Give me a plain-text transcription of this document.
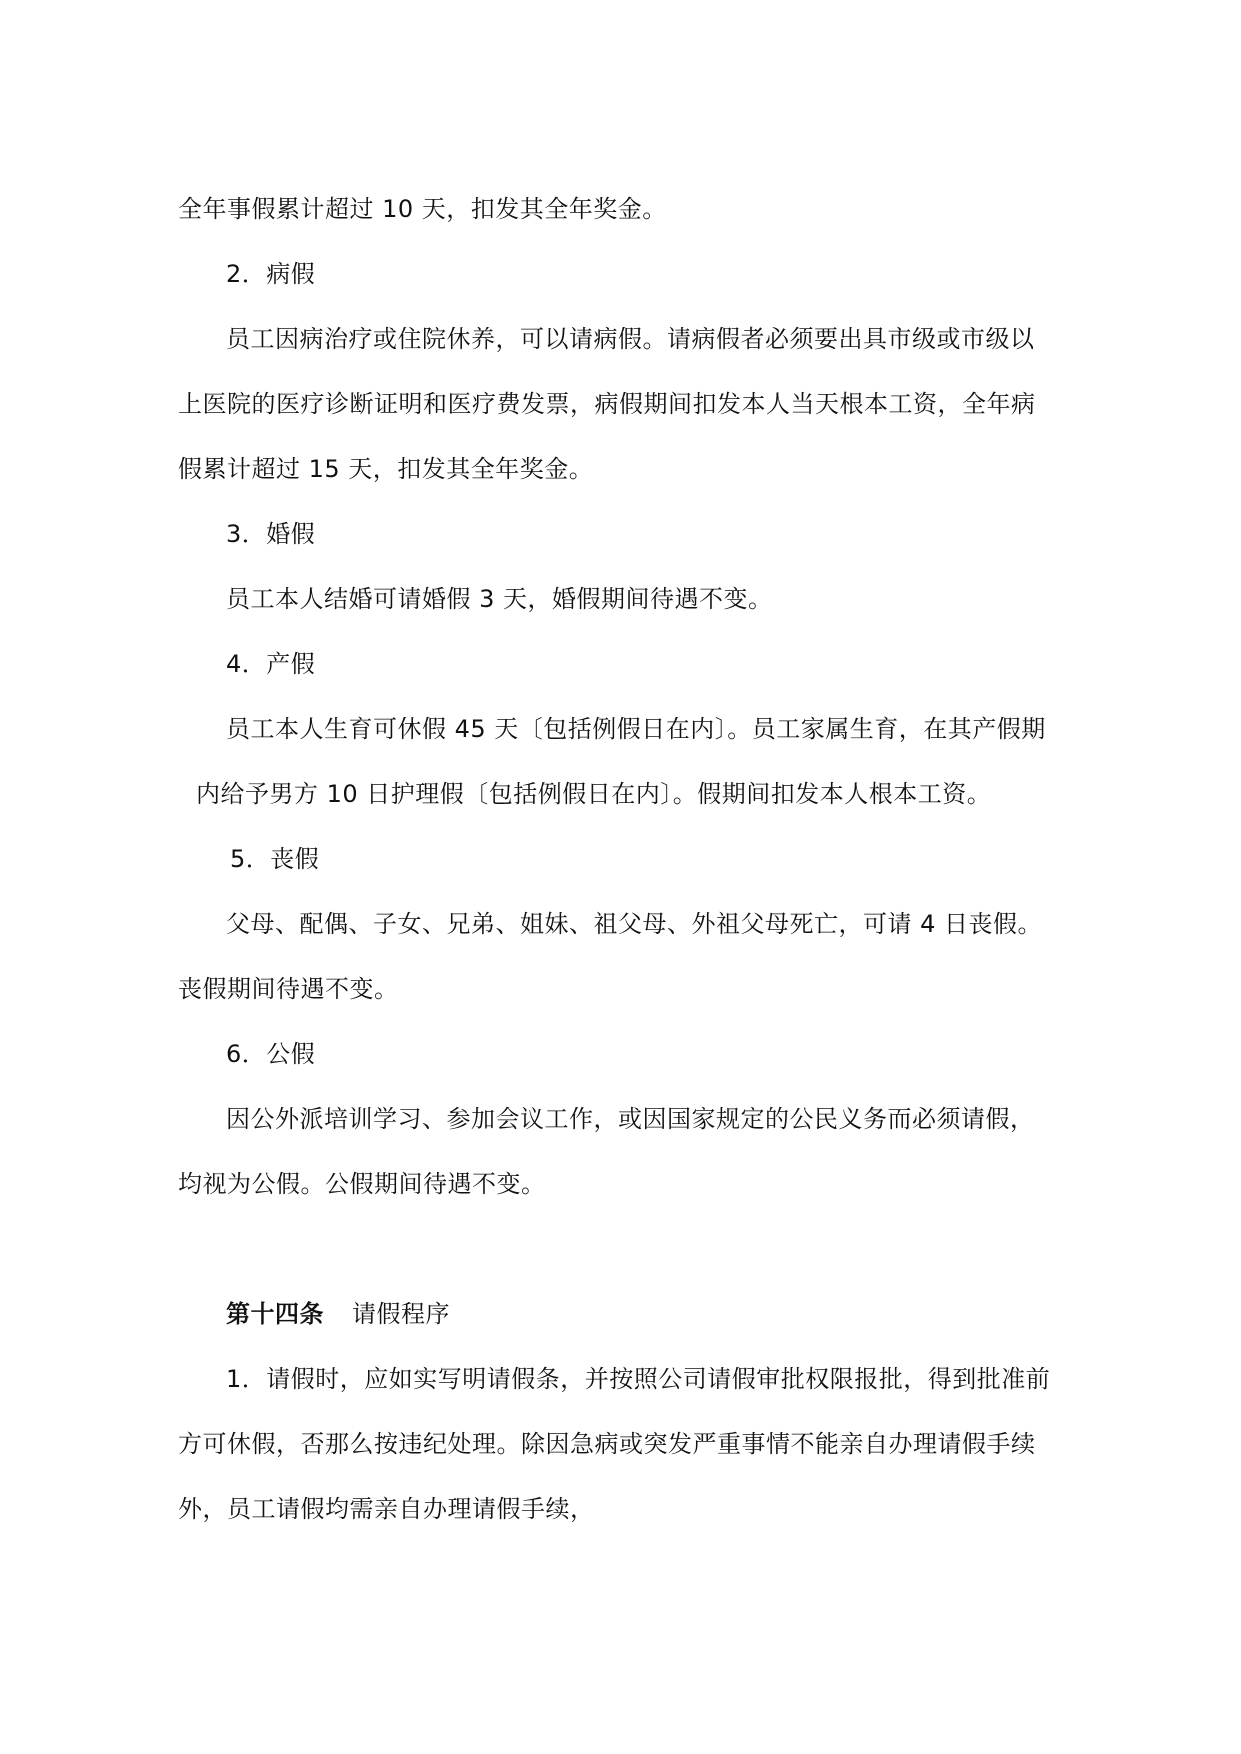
全年事假累计超过 10 天，扣发其全年奖金。
2．病假
员工因病治疗或住院休养，可以请病假。请病假者必须要出具市级或市级以
上医院的医疗诊断证明和医疗费发票，病假期间扣发本人当天根本工资，全年病
假累计超过 15 天，扣发其全年奖金。
3．婚假
员工本人结婚可请婚假 3 天，婚假期间待遇不变。
4．产假
员工本人生育可休假 45 天〔包括例假日在内〕。员工家属生育，在其产假期
内给予男方 10 日护理假〔包括例假日在内〕。假期间扣发本人根本工资。
5．丧假
父母、配偶、子女、兄弟、姐妹、祖父母、外祖父母死亡，可请 4 日丧假。
丧假期间待遇不变。
6．公假
因公外派培训学习、参加会议工作，或因国家规定的公民义务而必须请假，
均视为公假。公假期间待遇不变。
第十四条 请假程序
1．请假时，应如实写明请假条，并按照公司请假审批权限报批，得到批准前
方可休假，否那么按违纪处理。除因急病或突发严重事情不能亲自办理请假手续
外，员工请假均需亲自办理请假手续，
